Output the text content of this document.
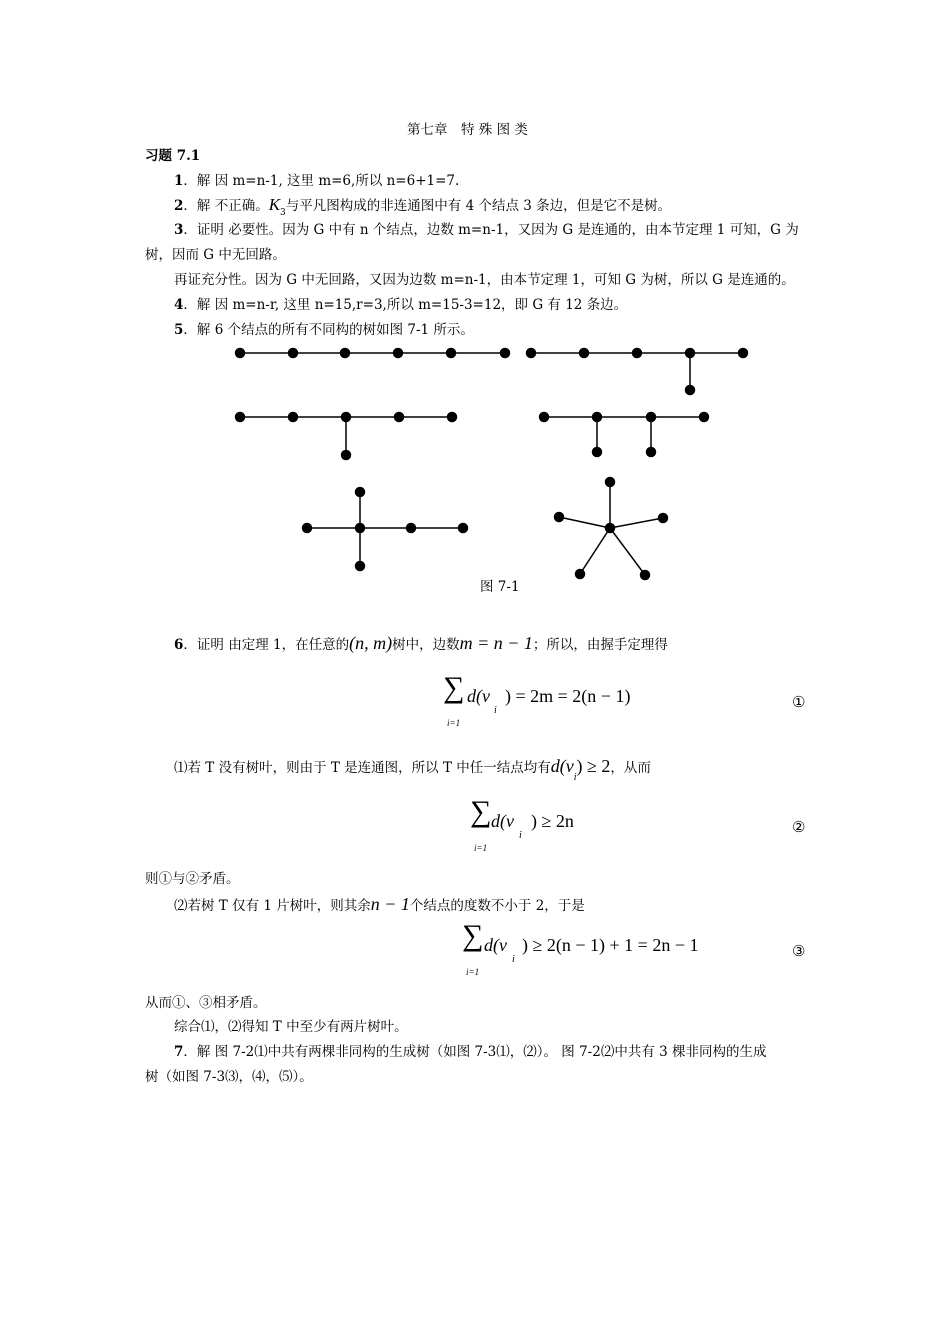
第七章　特 殊 图 类
习题 7.1
1．解 因 m=n-1, 这里 m=6,所以 n=6+1=7.
2．解 不正确。$K_3$与平凡图构成的非连通图中有 4 个结点 3 条边，但是它不是树。
3．证明 必要性。因为 G 中有 n 个结点，边数 m=n-1，又因为 G 是连通的，由本节定理 1 可知，G 为
树，因而 G 中无回路。
再证充分性。因为 G 中无回路，又因为边数 m=n-1，由本节定理 1，可知 G 为树，所以 G 是连通的。
4．解 因 m=n-r, 这里 n=15,r=3,所以 m=15-3=12，即 G 有 12 条边。
5．解 6 个结点的所有不同构的树如图 7-1 所示。
图 7-1
6．证明 由定理 1，在任意的(n, m)树中，边数m = n − 1；所以，由握手定理得
∑
i=1
d(v
i
) = 2m = 2(n − 1)	①
⑴若 T 没有树叶，则由于 T 是连通图，所以 T 中任一结点均有$d(v_i) \ge 2$，从而
∑
i=1
d(v
i
) ≥ 2n	②
则①与②矛盾。
⑵若树 T 仅有 1 片树叶，则其余n − 1个结点的度数不小于 2，于是
∑
i=1
d(v
i
) ≥ 2(n − 1) + 1 = 2n − 1	③
从而①、③相矛盾。
综合⑴，⑵得知 T 中至少有两片树叶。
7．解 图 7-2⑴中共有两棵非同构的生成树（如图 7-3⑴，⑵）。 图 7-2⑵中共有 3 棵非同构的生成
树（如图 7-3⑶，⑷，⑸）。
